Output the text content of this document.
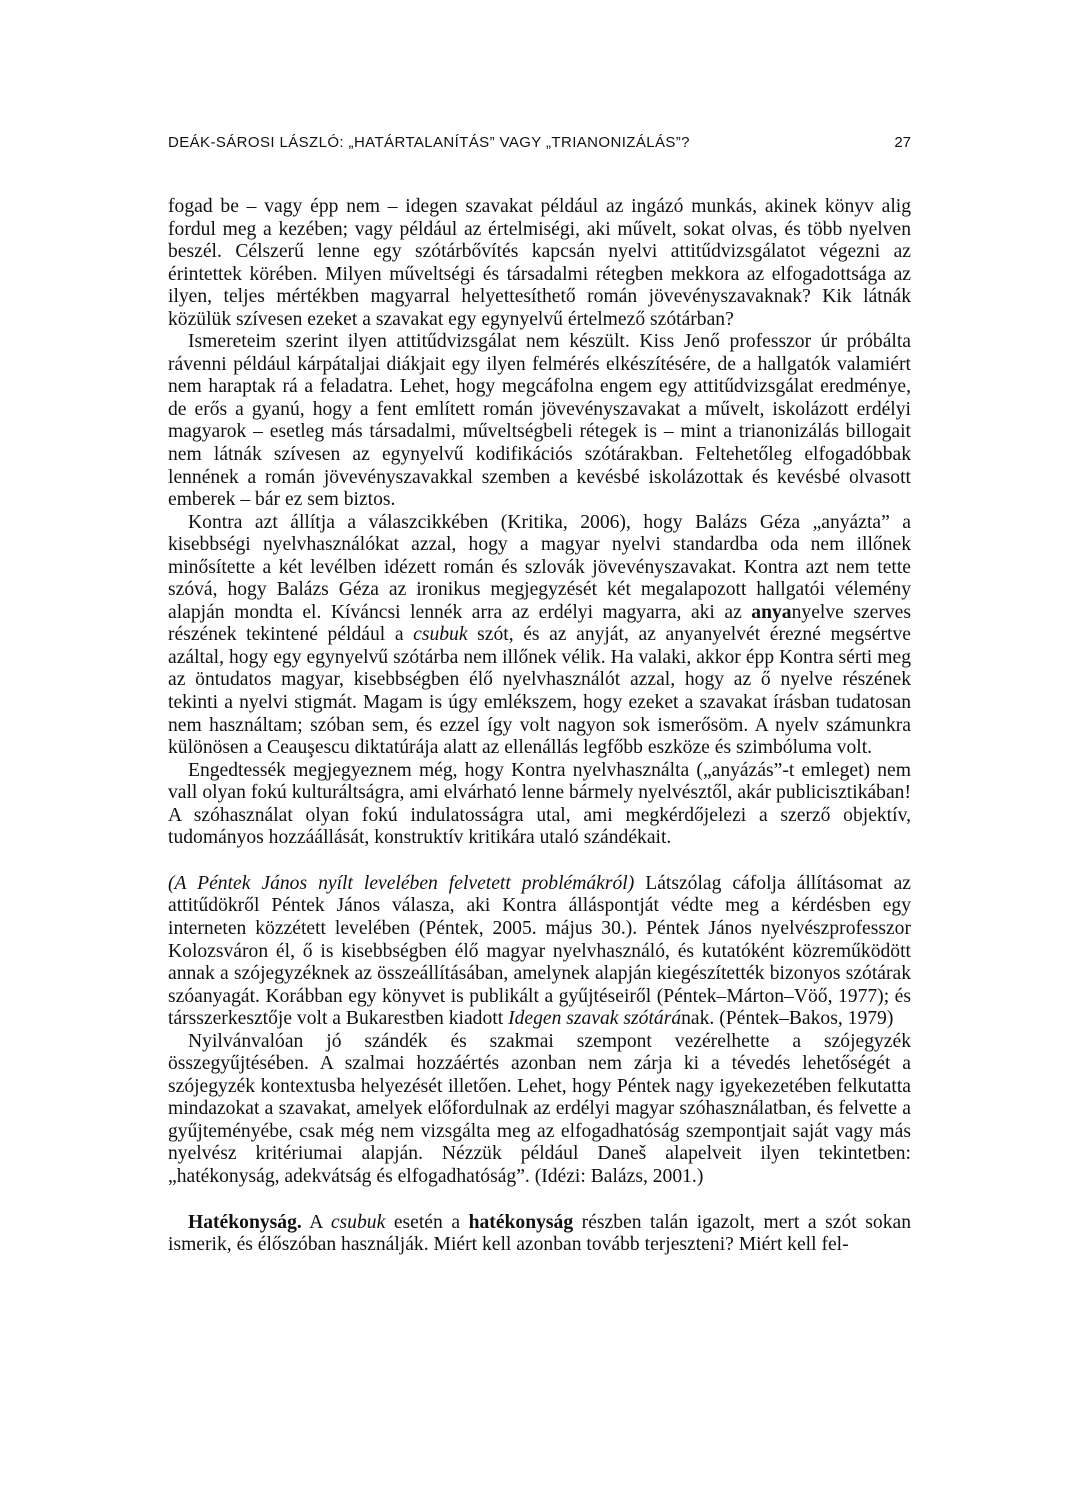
DEÁK-SÁROSI LÁSZLÓ: „HATÁRTALANÍTÁS” VAGY „TRIANONIZÁLÁS”?	27

fogad be – vagy épp nem – idegen szavakat például az ingázó munkás, akinek könyv alig fordul meg a kezében; vagy például az értelmiségi, aki művelt, sokat olvas, és több nyelven beszél. Célszerű lenne egy szótárbővítés kapcsán nyelvi attitűdvizsgálatot végezni az érintettek körében. Milyen műveltségi és társadalmi rétegben mekkora az elfogadottsága az ilyen, teljes mértékben magyarral helyettesíthető román jövevényszavaknak? Kik látnák közülük szívesen ezeket a szavakat egy egynyelvű értelmező szótárban?

Ismereteim szerint ilyen attitűdvizsgálat nem készült. Kiss Jenő professzor úr próbálta rávenni például kárpátaljai diákjait egy ilyen felmérés elkészítésére, de a hallgatók valamiért nem haraptak rá a feladatra. Lehet, hogy megcáfolna engem egy attitűdvizsgálat eredménye, de erős a gyanú, hogy a fent említett román jövevényszavakat a művelt, iskolázott erdélyi magyarok – esetleg más társadalmi, műveltségbeli rétegek is – mint a trianonizálás billogait nem látnák szívesen az egynyelvű kodifikációs szótárakban. Feltehetőleg elfogadóbbak lennének a román jövevényszavakkal szemben a kevésbé iskolázottak és kevésbé olvasott emberek – bár ez sem biztos.

Kontra azt állítja a válaszcikkében (Kritika, 2006), hogy Balázs Géza „anyázta” a kisebbségi nyelvhasználókat azzal, hogy a magyar nyelvi standardba oda nem illőnek minősítette a két levélben idézett román és szlovák jövevényszavakat. Kontra azt nem tette szóvá, hogy Balázs Géza az ironikus megjegyzését két megalapozott hallgatói vélemény alapján mondta el. Kíváncsi lennék arra az erdélyi magyarra, aki az anyanyelve szerves részének tekintené például a csubuk szót, és az anyját, az anyanyelvét érezné megsértve azáltal, hogy egy egynyelvű szótárba nem illőnek vélik. Ha valaki, akkor épp Kontra sérti meg az öntudatos magyar, kisebbségben élő nyelvhasználót azzal, hogy az ő nyelve részének tekinti a nyelvi stigmát. Magam is úgy emlékszem, hogy ezeket a szavakat írásban tudatosan nem használtam; szóban sem, és ezzel így volt nagyon sok ismerősöm. A nyelv számunkra különösen a Ceauşescu diktatúrája alatt az ellenállás legfőbb eszköze és szimbóluma volt.

Engedtessék megjegyeznem még, hogy Kontra nyelvhasználta („anyázás”-t emleget) nem vall olyan fokú kulturáltságra, ami elvárható lenne bármely nyelvésztől, akár publicisztikában! A szóhasználat olyan fokú indulatosságra utal, ami megkérdőjelezi a szerző objektív, tudományos hozzáállását, konstruktív kritikára utaló szándékait.

(A Péntek János nyílt levelében felvetett problémákról) Látszólag cáfolja állításomat az attitűdökről Péntek János válasza, aki Kontra álláspontját védte meg a kérdésben egy interneten közzétett levelében (Péntek, 2005. május 30.). Péntek János nyelvészprofesszor Kolozsváron él, ő is kisebbségben élő magyar nyelvhasználó, és kutatóként közreműködött annak a szójegyzéknek az összeállításában, amelynek alapján kiegészítették bizonyos szótárak szóanyagát. Korábban egy könyvet is publikált a gyűjtéseiről (Péntek–Márton–Vöő, 1977); és társszerkesztője volt a Bukarestben kiadott Idegen szavak szótárának. (Péntek–Bakos, 1979)

Nyilvánvalóan jó szándék és szakmai szempont vezérelhette a szójegyzék összegyűjtésében. A szalmai hozzáértés azonban nem zárja ki a tévedés lehetőségét a szójegyzék kontextusba helyezését illetően. Lehet, hogy Péntek nagy igyekezetében felkutatta mindazokat a szavakat, amelyek előfordulnak az erdélyi magyar szóhasználatban, és felvette a gyűjteményébe, csak még nem vizsgálta meg az elfogadhatóság szempontjait saját vagy más nyelvész kritériumai alapján. Nézzük például Daneš alapelveit ilyen tekintetben: „hatékonyság, adekvátság és elfogadhatóság”. (Idézi: Balázs, 2001.)

Hatékonyság. A csubuk esetén a hatékonyság részben talán igazolt, mert a szót sokan ismerik, és élőszóban használják. Miért kell azonban tovább terjeszteni? Miért kell fel-
